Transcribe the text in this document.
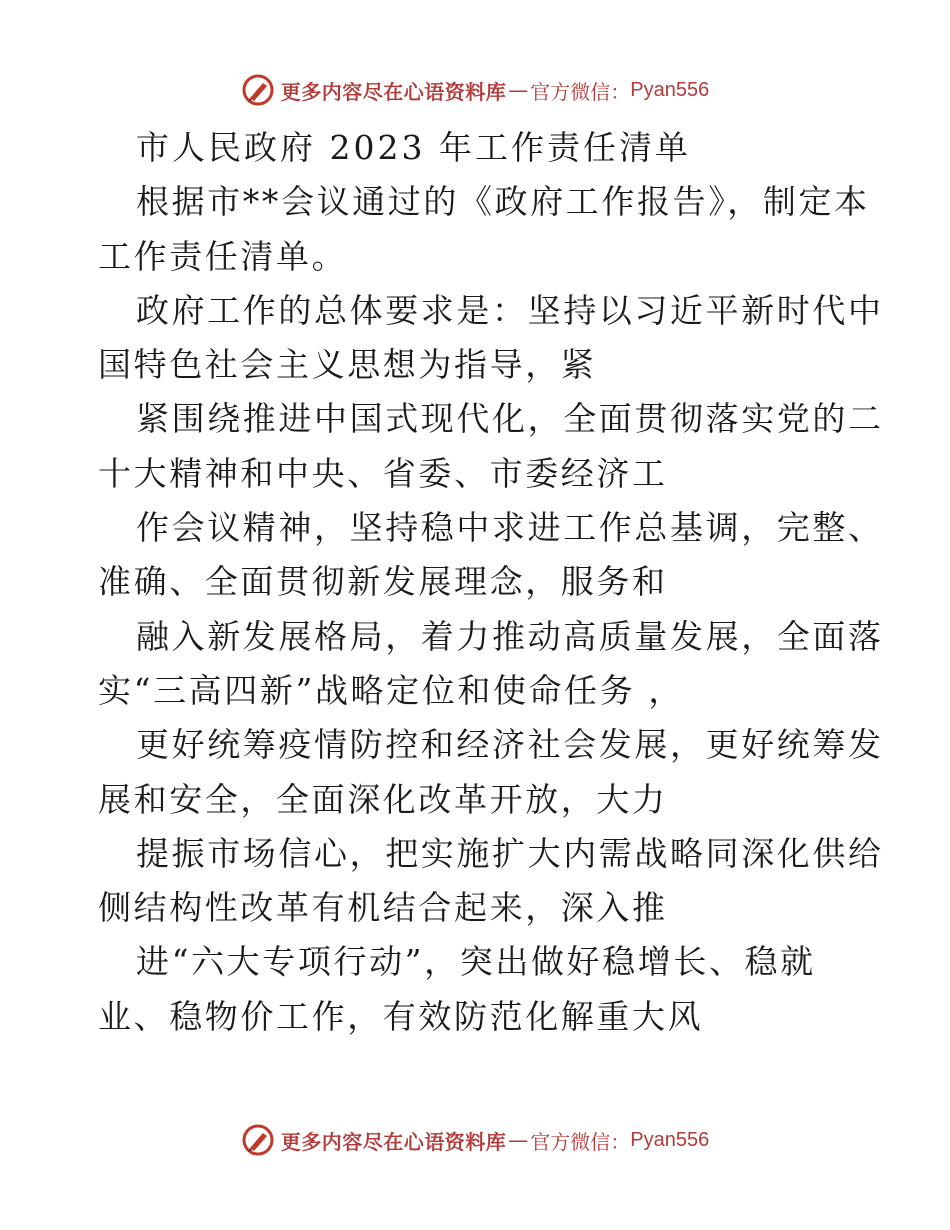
更多内容尽在心语资料库 — 官方微信： Pyan556
市人民政府 2023 年工作责任清单
根据市**会议通过的《政府工作报告》，制定本
工作责任清单。
政府工作的总体要求是：坚持以习近平新时代中
国特色社会主义思想为指导，紧
紧围绕推进中国式现代化，全面贯彻落实党的二
十大精神和中央、省委、市委经济工
作会议精神，坚持稳中求进工作总基调，完整、
准确、全面贯彻新发展理念，服务和
融入新发展格局，着力推动高质量发展，全面落
实“三高四新”战略定位和使命任务 ，
更好统筹疫情防控和经济社会发展，更好统筹发
展和安全，全面深化改革开放，大力
提振市场信心，把实施扩大内需战略同深化供给
侧结构性改革有机结合起来，深入推
进“六大专项行动”，突出做好稳增长、稳就
业、稳物价工作，有效防范化解重大风
更多内容尽在心语资料库 — 官方微信： Pyan556
